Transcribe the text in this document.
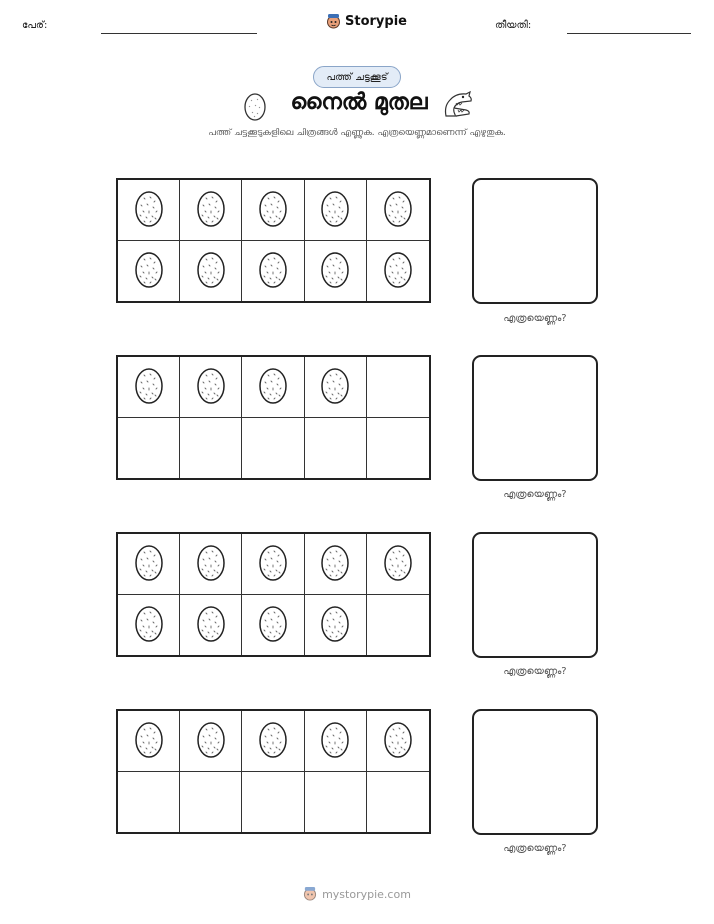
പേര്:	Storypie	തീയതി:
പത്ത് ചട്ടക്കൂട്
നൈൽ മുതല
പത്ത് ചട്ടക്കൂടുകളിലെ ചിത്രങ്ങൾ എണ്ണുക. എത്രയെണ്ണമാണെന്ന് എഴുതുക.
എത്രയെണ്ണം?
എത്രയെണ്ണം?
എത്രയെണ്ണം?
എത്രയെണ്ണം?
mystorypie.com
